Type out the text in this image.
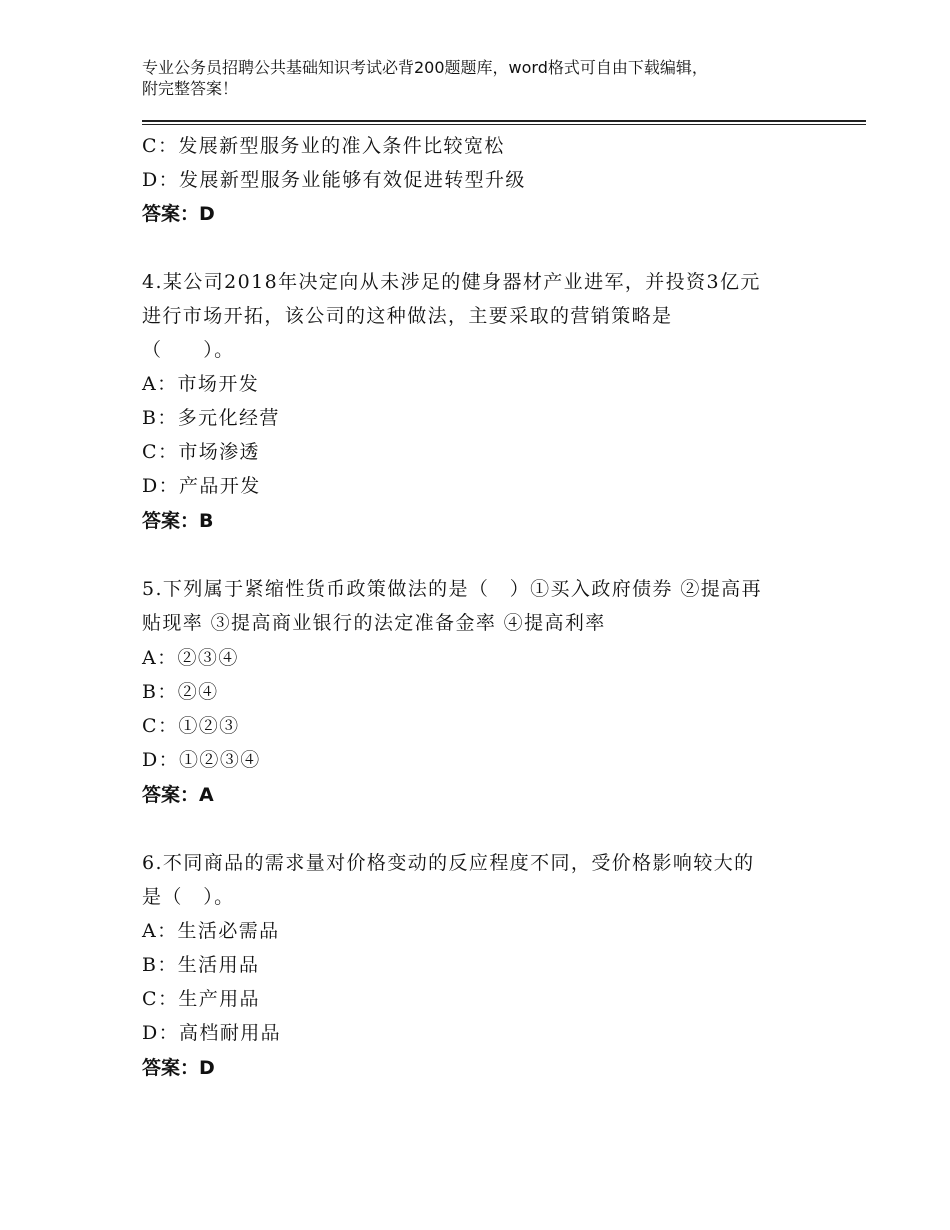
专业公务员招聘公共基础知识考试必背200题题库，word格式可自由下载编辑，
附完整答案！
C：发展新型服务业的准入条件比较宽松
D：发展新型服务业能够有效促进转型升级
答案：D
4.某公司2018年决定向从未涉足的健身器材产业进军，并投资3亿元
进行市场开拓，该公司的这种做法，主要采取的营销策略是
（　　）。
A：市场开发
B：多元化经营
C：市场渗透
D：产品开发
答案：B
5.下列属于紧缩性货币政策做法的是（　）①买入政府债券 ②提高再
贴现率 ③提高商业银行的法定准备金率 ④提高利率
A：②③④
B：②④
C：①②③
D：①②③④
答案：A
6.不同商品的需求量对价格变动的反应程度不同，受价格影响较大的
是（　）。
A：生活必需品
B：生活用品
C：生产用品
D：高档耐用品
答案：D
